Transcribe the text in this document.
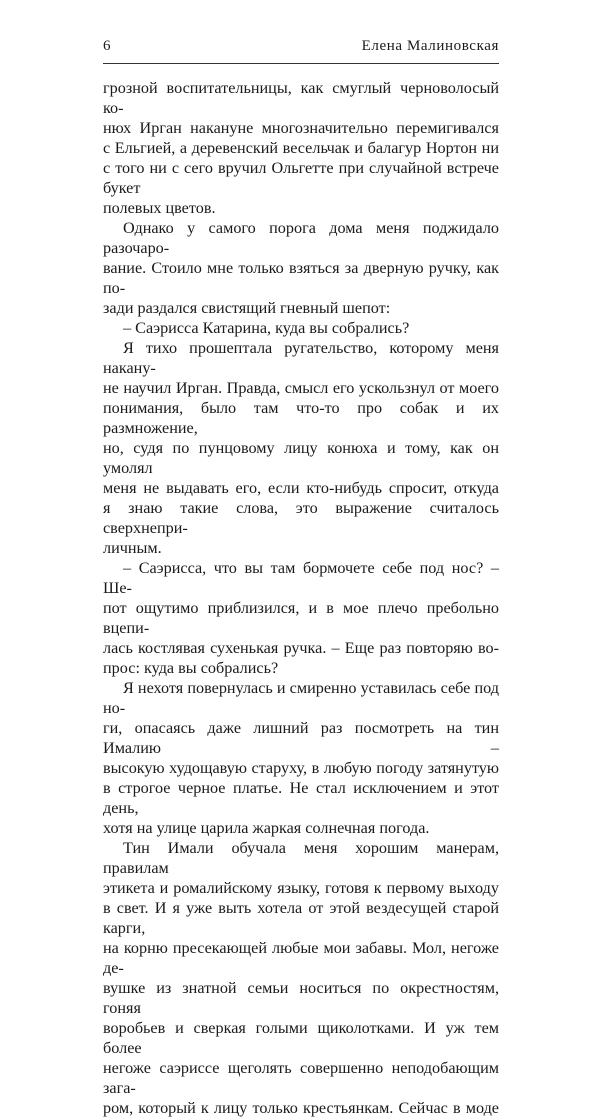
6	Елена Малиновская
грозной воспитательницы, как смуглый черноволосый ко-
нюх Ирган накануне многозначительно перемигивался
с Ельгией, а деревенский весельчак и балагур Нортон ни
с того ни с сего вручил Ольгетте при случайной встрече букет
полевых цветов.
Однако у самого порога дома меня поджидало разочаро-
вание. Стоило мне только взяться за дверную ручку, как по-
зади раздался свистящий гневный шепот:
– Саэрисса Катарина, куда вы собрались?
Я тихо прошептала ругательство, которому меня накану-
не научил Ирган. Правда, смысл его ускользнул от моего
понимания, было там что-то про собак и их размножение,
но, судя по пунцовому лицу конюха и тому, как он умолял
меня не выдавать его, если кто-нибудь спросит, откуда
я знаю такие слова, это выражение считалось сверхнепри-
личным.
– Саэрисса, что вы там бормочете себе под нос? – Ше-
пот ощутимо приблизился, и в мое плечо пребольно вцепи-
лась костлявая сухенькая ручка. – Еще раз повторяю во-
прос: куда вы собрались?
Я нехотя повернулась и смиренно уставилась себе под но-
ги, опасаясь даже лишний раз посмотреть на тин Ималию –
высокую худощавую старуху, в любую погоду затянутую
в строгое черное платье. Не стал исключением и этот день,
хотя на улице царила жаркая солнечная погода.
Тин Имали обучала меня хорошим манерам, правилам
этикета и ромалийскому языку, готовя к первому выходу
в свет. И я уже выть хотела от этой вездесущей старой карги,
на корню пресекающей любые мои забавы. Мол, негоже де-
вушке из знатной семьи носиться по окрестностям, гоняя
воробьев и сверкая голыми щиколотками. И уж тем более
негоже саэриссе щеголять совершенно неподобающим зага-
ром, который к лицу только крестьянкам. Сейчас в моде
